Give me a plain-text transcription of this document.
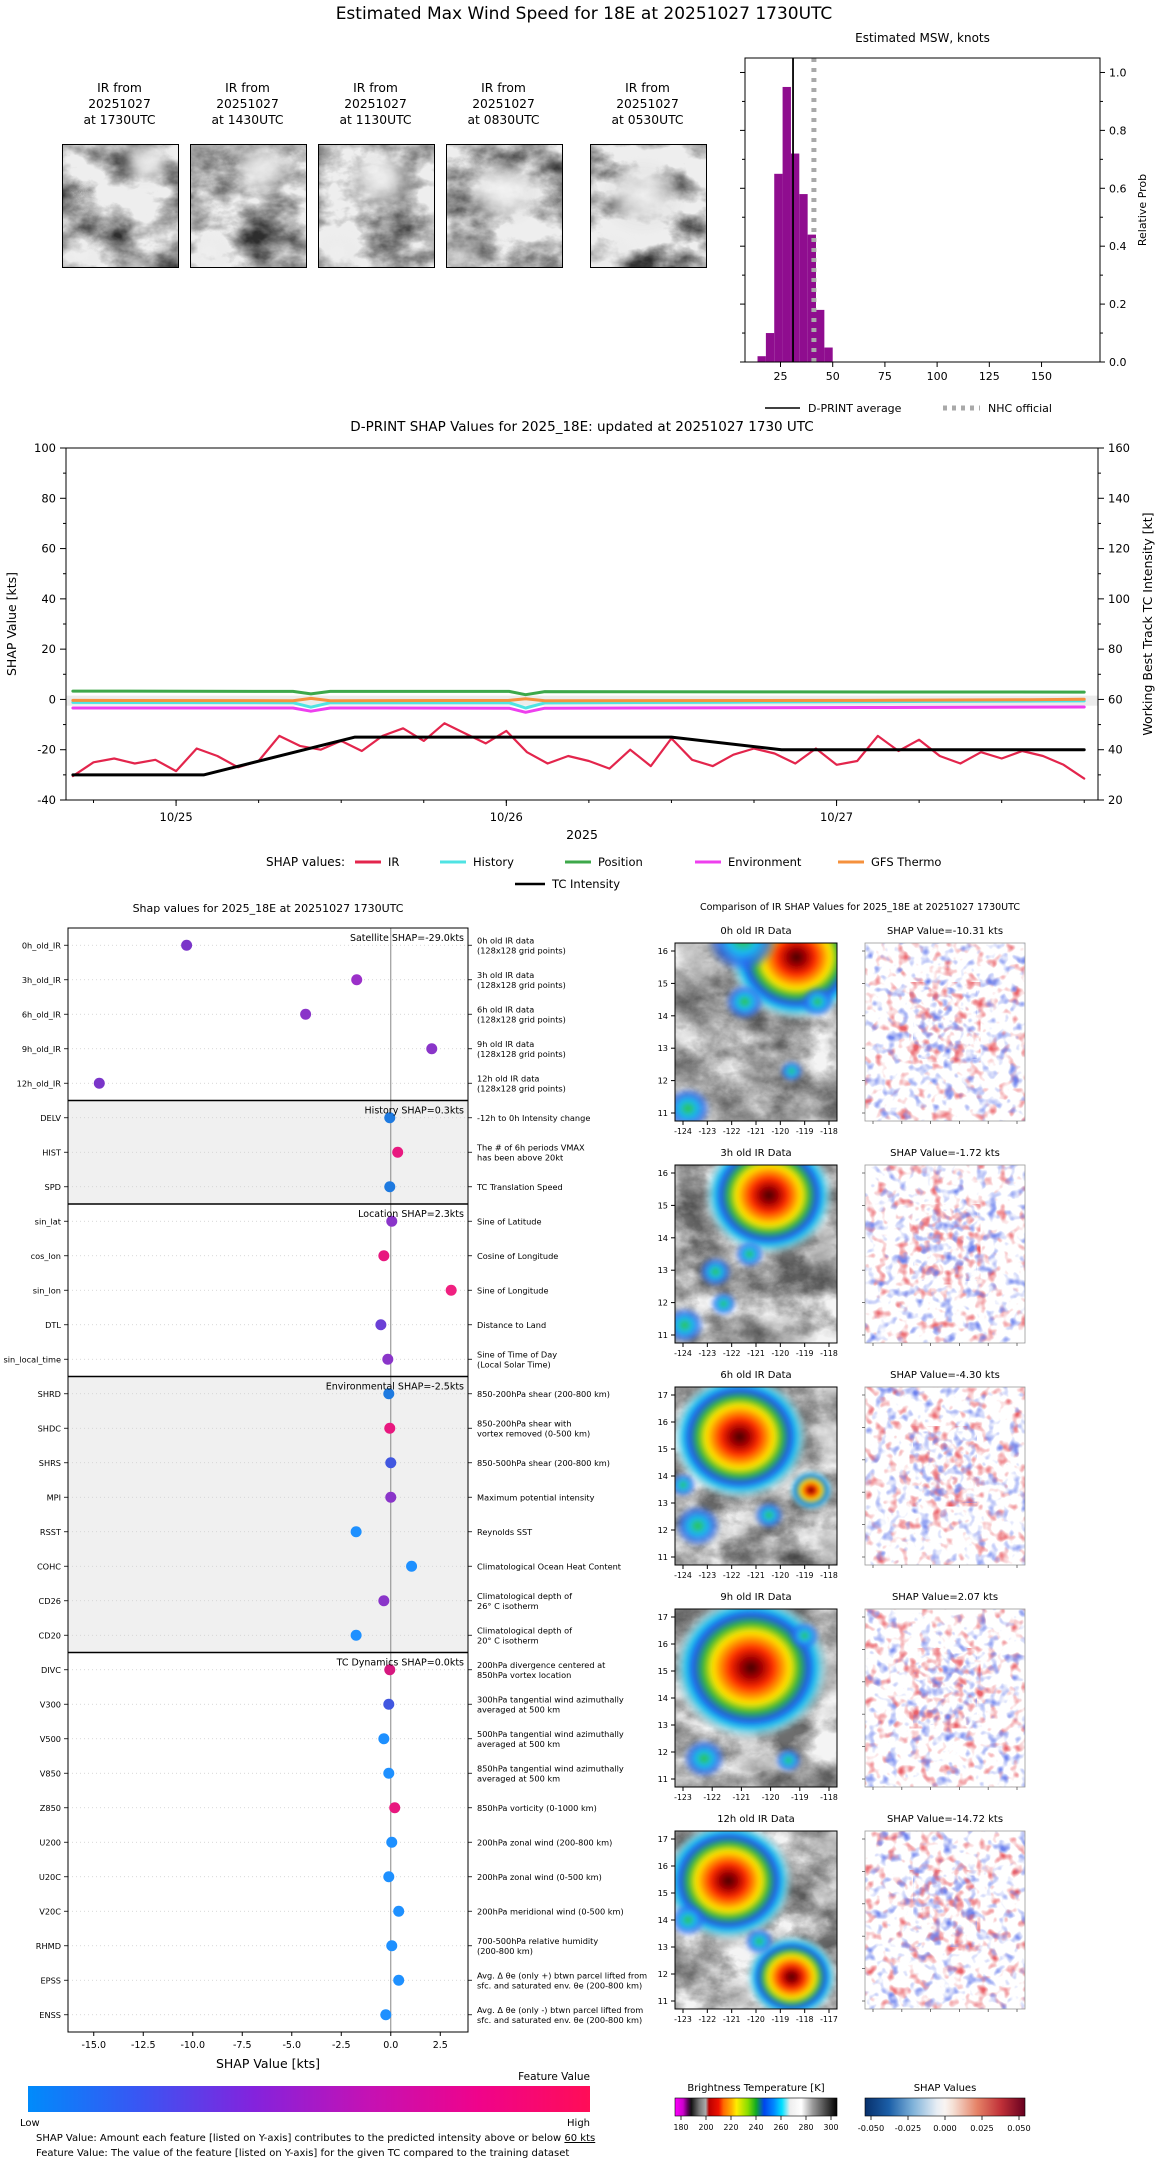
Estimated Max Wind Speed for 18E at 20251027 1730UTC
IR from
20251027
at 1730UTC
IR from
20251027
at 1430UTC
IR from
20251027
at 1130UTC
IR from
20251027
at 0830UTC
IR from
20251027
at 0530UTC
Estimated MSW, knots
25	50	75	100	125	150
0.0
0.2
0.4
0.6
0.8
1.0
Relative Prob
D-PRINT average	NHC official
D-PRINT SHAP Values for 2025_18E: updated at 20251027 1730 UTC
-40
-20
0
20
40
60
80
100
20
40
60
80
100
120
140
160
10/25	10/26	10/27
SHAP Value [kts]	Working Best Track TC Intensity [kt]
2025
SHAP values:	IR	History	Position	Environment	GFS Thermo
TC Intensity
Shap values for 2025_18E at 20251027 1730UTC
0h_old_IR	0h old IR data
(128x128 grid points)
3h_old_IR	3h old IR data
(128x128 grid points)
6h_old_IR	6h old IR data
(128x128 grid points)
9h_old_IR	9h old IR data
(128x128 grid points)
12h_old_IR	12h old IR data
(128x128 grid points)
Satellite SHAP=-29.0kts
DELV	-12h to 0h Intensity change
HIST	The # of 6h periods VMAX
has been above 20kt
SPD	TC Translation Speed
History SHAP=0.3kts
sin_lat	Sine of Latitude
cos_lon	Cosine of Longitude
sin_lon	Sine of Longitude
DTL	Distance to Land
sin_local_time	Sine of Time of Day
(Local Solar Time)
Location SHAP=2.3kts
SHRD	850-200hPa shear (200-800 km)
SHDC	850-200hPa shear with
vortex removed (0-500 km)
SHRS	850-500hPa shear (200-800 km)
MPI	Maximum potential intensity
RSST	Reynolds SST
COHC	Climatological Ocean Heat Content
CD26	Climatological depth of
26° C isotherm
CD20	Climatological depth of
20° C isotherm
Environmental SHAP=-2.5kts
DIVC	200hPa divergence centered at
850hPa vortex location
V300	300hPa tangential wind azimuthally
averaged at 500 km
V500	500hPa tangential wind azimuthally
averaged at 500 km
V850	850hPa tangential wind azimuthally
averaged at 500 km
Z850	850hPa vorticity (0-1000 km)
U200	200hPa zonal wind (200-800 km)
U20C	200hPa zonal wind (0-500 km)
V20C	200hPa meridional wind (0-500 km)
RHMD	700-500hPa relative humidity
(200-800 km)
EPSS	Avg. Δ θe (only +) btwn parcel lifted from
sfc. and saturated env. θe (200-800 km)
ENSS	Avg. Δ θe (only -) btwn parcel lifted from
sfc. and saturated env. θe (200-800 km)
TC Dynamics SHAP=0.0kts
-15.0	-12.5	-10.0	-7.5	-5.0	-2.5	0.0	2.5
SHAP Value [kts]
Feature Value
Low	High
SHAP Value: Amount each feature [listed on Y-axis] contributes to the predicted intensity above or below 60 kts
Feature Value: The value of the feature [listed on Y-axis] for the given TC compared to the training dataset
Comparison of IR SHAP Values for 2025_18E at 20251027 1730UTC
0h old IR Data
16
15
14
13
12
11
-124 -123 -122 -121 -120 -119 -118
SHAP Value=-10.31 kts
3h old IR Data
16
15
14
13
12
11
-124 -123 -122 -121 -120 -119 -118
SHAP Value=-1.72 kts
6h old IR Data
17
16
15
14
13
12
11
-124 -123 -122 -121 -120 -119 -118
SHAP Value=-4.30 kts
9h old IR Data
17
16
15
14
13
12
11
-123 -122 -121 -120 -119 -118
SHAP Value=2.07 kts
12h old IR Data
17
16
15
14
13
12
11
-123 -122 -121 -120 -119 -118 -117
SHAP Value=-14.72 kts
Brightness Temperature [K]
180 200 220 240 260 280 300
SHAP Values
-0.050 -0.025 0.000 0.025 0.050
